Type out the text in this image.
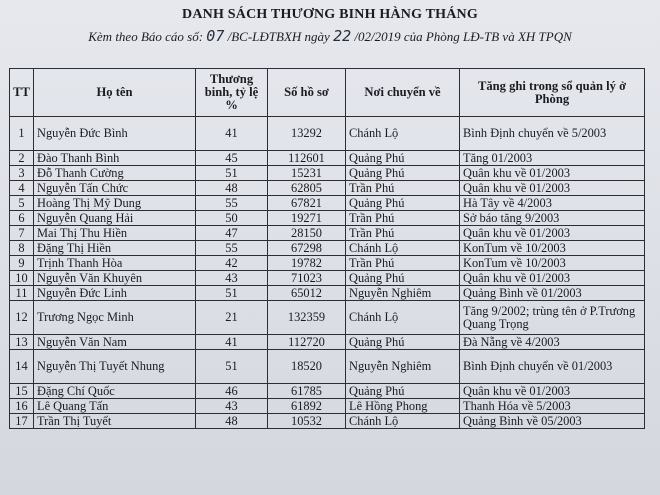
DANH SÁCH THƯƠNG BINH HÀNG THÁNG
Kèm theo Báo cáo số: 07 /BC-LĐTBXH ngày 22 /02/2019 của Phòng LĐ-TB và XH TPQN
TT	Họ tên	Thương binh, tỷ lệ %	Số hồ sơ	Nơi chuyển về	Tăng ghi trong sổ quản lý ở Phòng
1	Nguyễn Đức Bình	41	13292	Chánh Lộ	Bình Định chuyển về 5/2003
2	Đào Thanh Bình	45	112601	Quảng Phú	Tăng 01/2003
3	Đỗ Thanh Cường	51	15231	Quảng Phú	Quân khu về 01/2003
4	Nguyễn Tấn Chức	48	62805	Trần Phú	Quân khu về 01/2003
5	Hoàng Thị Mỹ Dung	55	67821	Quảng Phú	Hà Tây về 4/2003
6	Nguyễn Quang Hải	50	19271	Trần Phú	Sở báo tăng 9/2003
7	Mai Thị Thu Hiền	47	28150	Trần Phú	Quân khu về 01/2003
8	Đặng Thị Hiền	55	67298	Chánh Lộ	KonTum về 10/2003
9	Trịnh Thanh Hòa	42	19782	Trần Phú	KonTum về 10/2003
10	Nguyễn Văn Khuyên	43	71023	Quảng Phú	Quân khu về 01/2003
11	Nguyễn Đức Linh	51	65012	Nguyễn Nghiêm	Quảng Bình về 01/2003
12	Trương Ngọc Minh	21	132359	Chánh Lộ	Tăng 9/2002; trùng tên ở P.Trương Quang Trọng
13	Nguyễn Văn Nam	41	112720	Quảng Phú	Đà Nẵng về 4/2003
14	Nguyễn Thị Tuyết Nhung	51	18520	Nguyễn Nghiêm	Bình Định chuyển về 01/2003
15	Đặng Chí Quốc	46	61785	Quảng Phú	Quân khu về 01/2003
16	Lê Quang Tấn	43	61892	Lê Hồng Phong	Thanh Hóa về 5/2003
17	Trần Thị Tuyết	48	10532	Chánh Lộ	Quảng Bình về 05/2003
